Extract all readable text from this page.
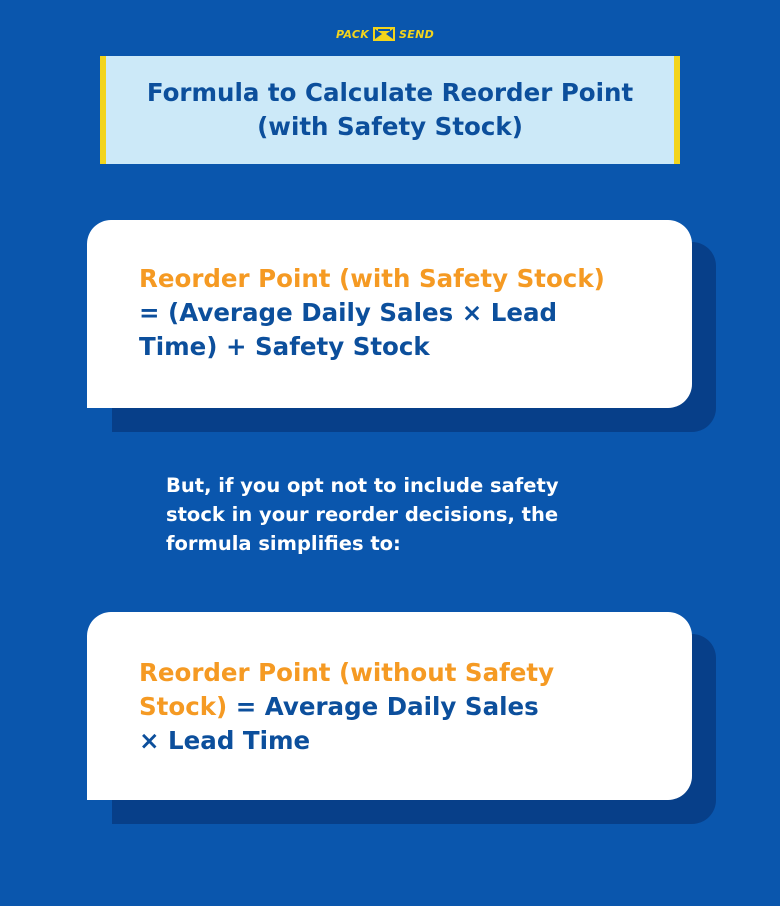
PACK	SEND
Formula to Calculate Reorder Point
(with Safety Stock)
Reorder Point (with Safety Stock)
= (Average Daily Sales × Lead
Time) + Safety Stock
But, if you opt not to include safety
stock in your reorder decisions, the
formula simplifies to:
Reorder Point (without Safety
Stock) = Average Daily Sales
× Lead Time
